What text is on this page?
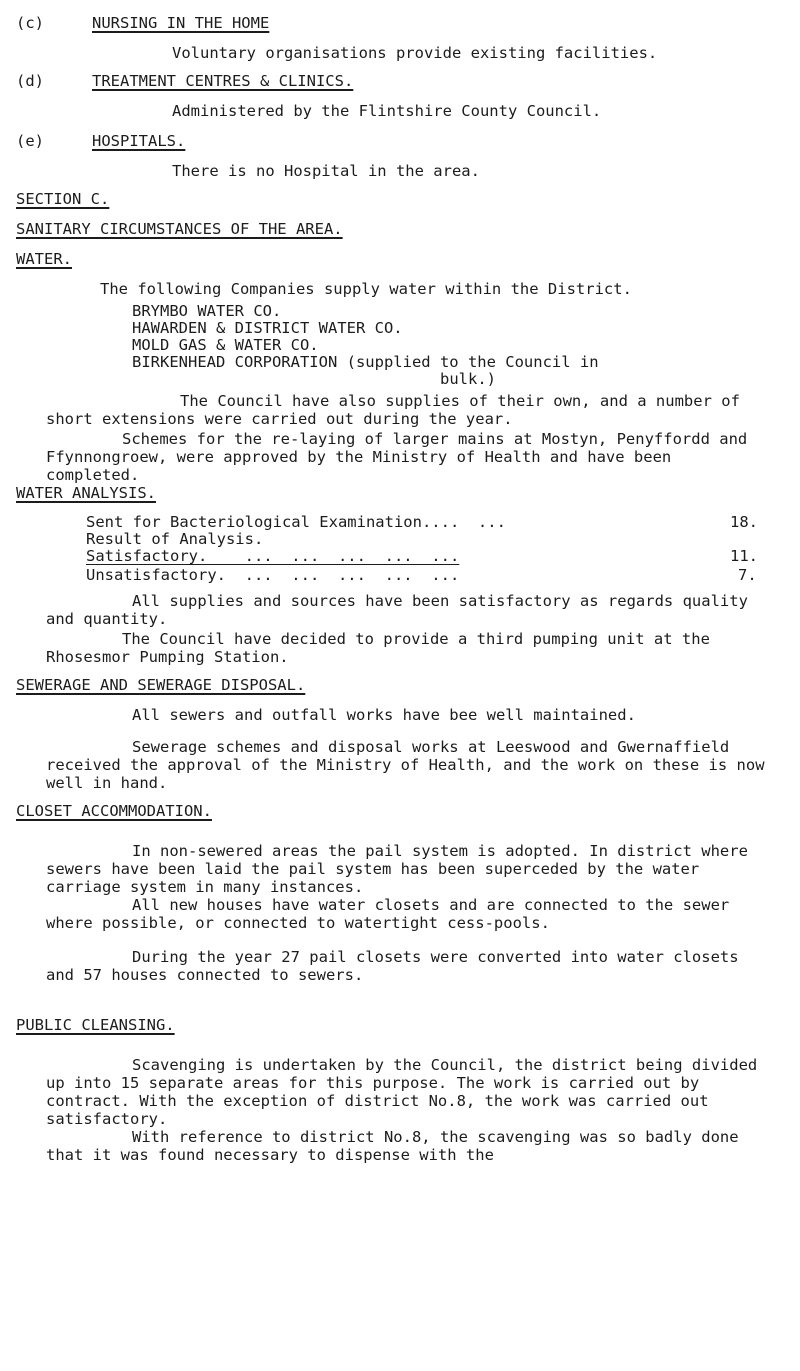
(c)	NURSING IN THE HOME
Voluntary organisations provide existing facilities.
(d)	TREATMENT CENTRES & CLINICS.
Administered by the Flintshire County Council.
(e)	HOSPITALS.
There is no Hospital in the area.
SECTION C.
SANITARY CIRCUMSTANCES OF THE AREA.
WATER.
The following Companies supply water within the District.
BRYMBO WATER CO.
HAWARDEN & DISTRICT WATER CO.
MOLD GAS & WATER CO.
BIRKENHEAD CORPORATION (supplied to the Council in
bulk.)
The Council have also supplies of their own, and a number of short extensions were carried out during the year.
Schemes for the re-laying of larger mains at Mostyn, Penyffordd and Ffynnongroew, were approved by the Ministry of Health and have been completed.
WATER ANALYSIS.
Sent for Bacteriological Examination....  ...	18.
Result of Analysis.
Satisfactory.    ...  ...  ...  ...  ...	11.
Unsatisfactory.  ...  ...  ...  ...  ...	7.
All supplies and sources have been satisfactory as regards quality and quantity.
The Council have decided to provide a third pumping unit at the Rhosesmor Pumping Station.
SEWERAGE AND SEWERAGE DISPOSAL.
All sewers and outfall works have bee well maintained.
Sewerage schemes and disposal works at Leeswood and Gwernaffield received the approval of the Ministry of Health, and the work on these is now well in hand.
CLOSET ACCOMMODATION.
In non-sewered areas the pail system is adopted. In district where sewers have been laid the pail system has been superceded by the water carriage system in many instances.
All new houses have water closets and are connected to the sewer where possible, or connected to watertight cess-pools.
During the year 27 pail closets were converted into water closets and 57 houses connected to sewers.
PUBLIC CLEANSING.
Scavenging is undertaken by the Council, the district being divided up into 15 separate areas for this purpose. The work is carried out by contract. With the exception of district No.8, the work was carried out satisfactory.
With reference to district No.8, the scavenging was so badly done that it was found necessary to dispense with the
